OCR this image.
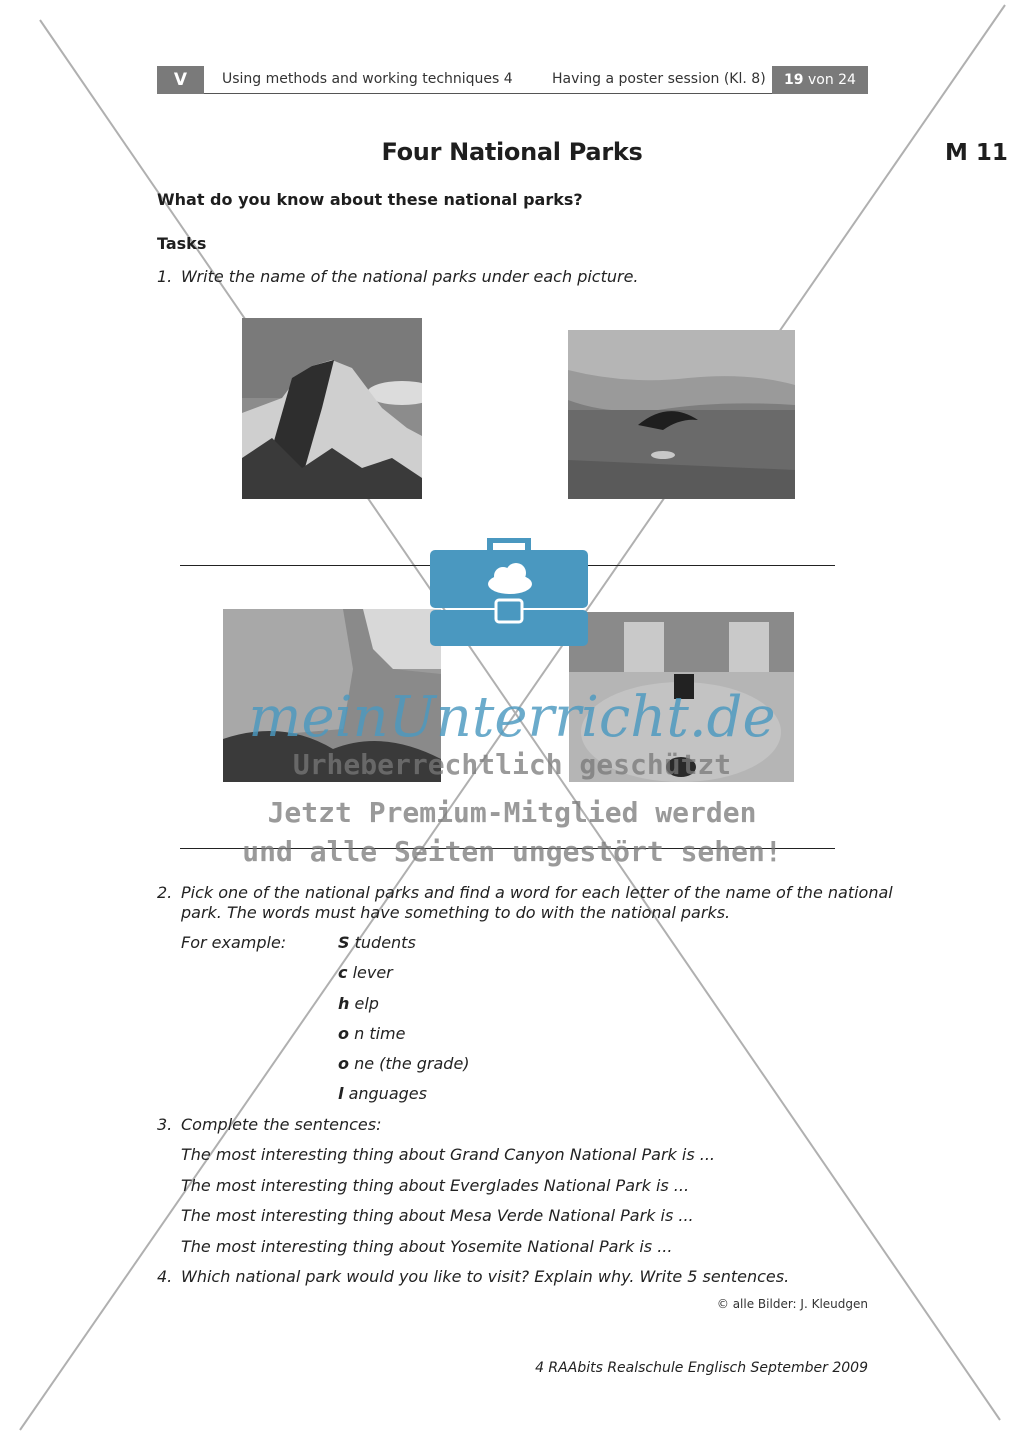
V	Using methods and working techniques 4	Having a poster session (Kl. 8)	19 von 24
Four National Parks	M 11
What do you know about these national parks?
Tasks
1. Write the name of the national parks under each picture.
meinUnterricht.de
Urheberrechtlich geschützt
Jetzt Premium-Mitglied werden
und alle Seiten ungestört sehen!
2. Pick one of the national parks and find a word for each letter of the name of the national
park. The words must have something to do with the national parks.
For example:	S tudents
c lever
h elp
o n time
o ne (the grade)
l anguages
3. Complete the sentences:
The most interesting thing about Grand Canyon National Park is ...
The most interesting thing about Everglades National Park is ...
The most interesting thing about Mesa Verde National Park is ...
The most interesting thing about Yosemite National Park is ...
4. Which national park would you like to visit? Explain why. Write 5 sentences.
© alle Bilder: J. Kleudgen
4 RAAbits Realschule Englisch September 2009
